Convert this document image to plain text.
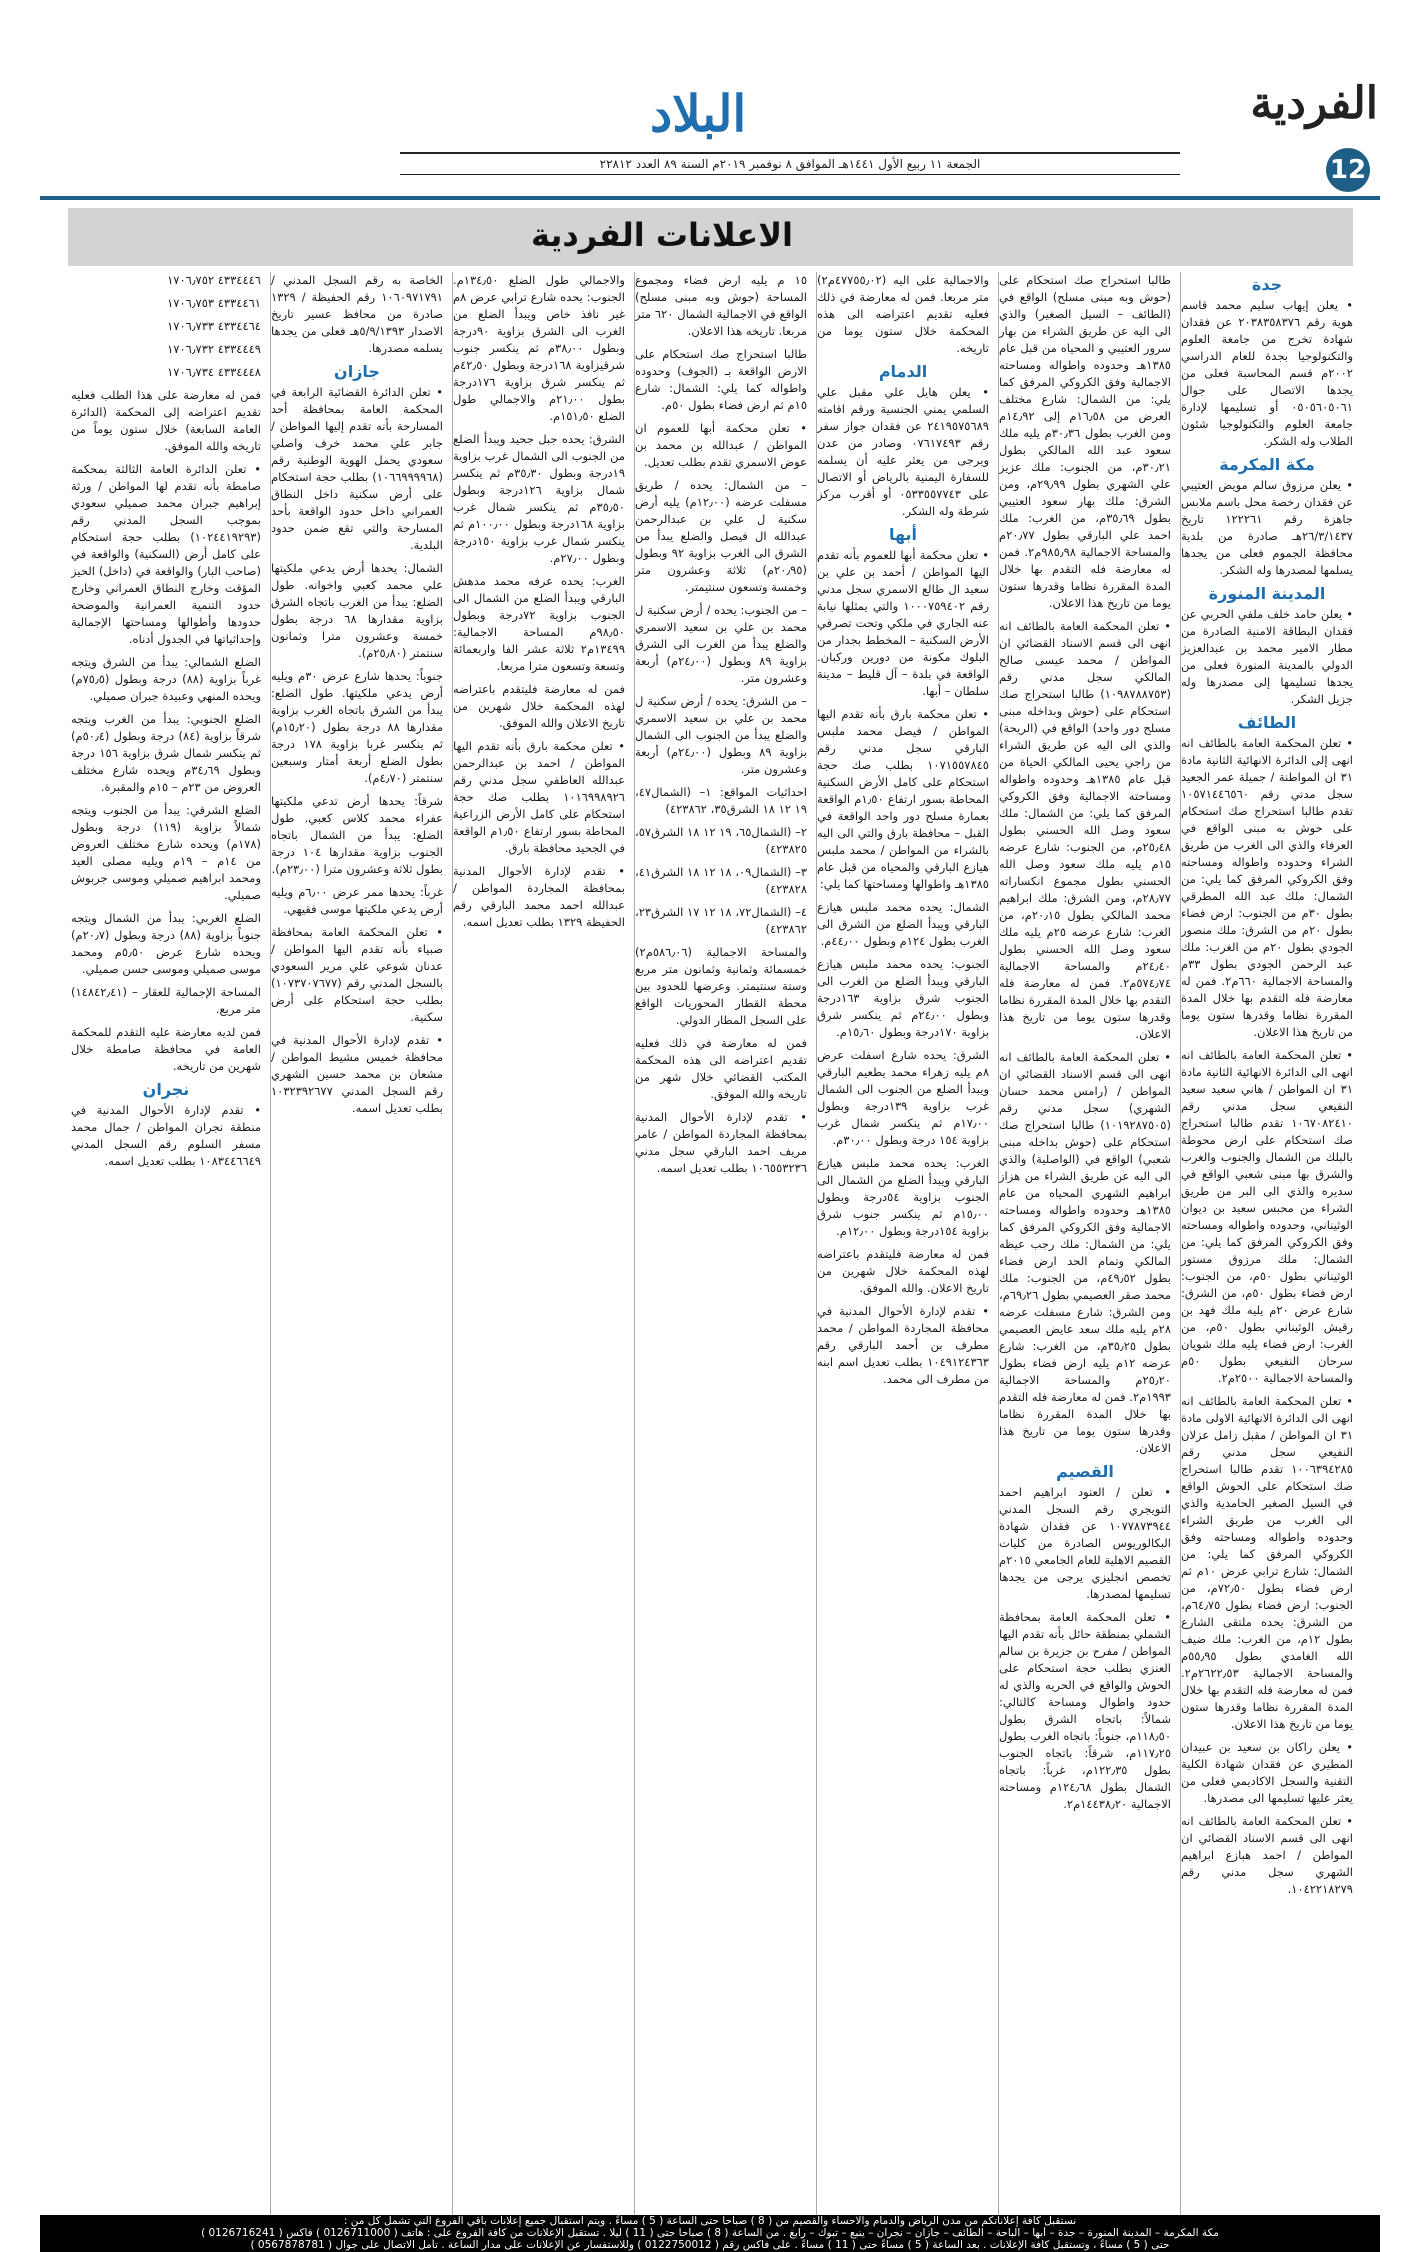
الفردية
12
البلاد
الجمعة ١١ ربيع الأول ١٤٤١هـ الموافق ٨ نوفمبر ٢٠١٩م السنة ٨٩ العدد ٢٢٨١٢
الاعلانات الفردية
جدة

• يعلن إيهاب سليم محمد قاسم هوية رقم ٢٠٣٨٣٥٨٣٧٦ عن فقدان شهادة تخرج من جامعة العلوم والتكنولوجيا بجدة للعام الدراسي ٢٠٠٢م قسم المحاسبة فعلى من يجدها الاتصال على جوال ٠٥٠٥٦٠٥٠٦١ أو تسليمها لإدارة جامعة العلوم والتكنولوجيا شئون الطلاب وله الشكر.

مكة المكرمة

• يعلن مرزوق سالم مويض العتيبي عن فقدان رخصة محل باسم ملابس جاهزة رقم ١٢٢٢٦١ تاريخ ٢٦/٣/١٤٣٧هـ صادرة من بلدية محافظة الجموم فعلى من يجدها يسلمها لمصدرها وله الشكر.

المدينة المنورة

• يعلن حامد خلف ملفي الحربي عن فقدان البطاقة الامنية الصادرة من مطار الامير محمد بن عبدالعزيز الدولي بالمدينة المنورة فعلى من يجدها تسليمها إلى مصدرها وله جزيل الشكر.

الطائف

• تعلن المحكمة العامة بالطائف انه انهى إلى الدائرة الانهائية الثانية مادة ٣١ ان المواطنة / جميلة عمر الجعيد سجل مدني رقم ١٠٥٧١٤٤٦٥٦٠ تقدم طالبا استحراج صك استحكام على حوش به مبنى الواقع في العرفاء والذي الى الغرب من طريق الشراء وحدوده واطواله ومساحته وفق الكروكي المرفق كما يلي: من الشمال: ملك عبد الله المطرقي بطول ٣٠م من الجنوب: ارض فضاء بطول ٢٠م من الشرق: ملك منصور الجودي بطول ٢٠م من الغرب: ملك عبد الرحمن الجودي بطول ٣٣م والمساحة الاجمالية ٦٦٠م٢. فمن له معارضة فله التقدم بها خلال المدة المقررة نظاما وقدرها ستون يوما من تاريخ هذا الاعلان.

• تعلن المحكمة العامة بالطائف انه انهى الى الدائرة الانهائية الثانية مادة ٣١ ان المواطن / هاني سعيد سعيد النفيعي سجل مدني رقم ١٠٦٧٠٨٢٤١٠ تقدم طالبا استحراج صك استحكام على ارض محوطة بالبلك من الشمال والجنوب والغرب والشرق بها مبنى شعبي الواقع في سديره والذي الى البر من طريق الشراء من محبس سعيد بن ديوان الوثيناني، وحدوده واطواله ومساحته وفق الكروكي المرفق كما يلي: من الشمال: ملك مرزوق مستور الوثيناني بطول ٥٠م، من الجنوب: ارض فضاء بطول ٥٠م، من الشرق: شارع عرض ٢٠م يليه ملك فهد بن رقيش الوثيناني بطول ٥٠م، من الغرب: ارض فضاء يليه ملك شويان سرحان النفيعي بطول ٥٠م والمساحة الاجمالية ٢٥٠٠م٢.

• تعلن المحكمة العامة بالطائف انه انهى الى الدائرة الانهائية الاولى مادة ٣١ ان المواطن / مقبل زامل عزلان النفيعي سجل مدني رقم ١٠٠٦٣٩٤٢٨٥ تقدم طالبا استحراج صك استحكام على الحوش الواقع في السيل الصغير الحامدية والذي الى الغرب من طريق الشراء وحدوده واطواله ومساحته وفق الكروكي المرفق كما يلي: من الشمال: شارع ترابي عرض ١٠م ثم ارض فضاء بطول ٧٢٫٥٠م، من الجنوب: ارض فضاء بطول ٦٤٫٧٥م، من الشرق: يحده ملتقى الشارع بطول ١٢م، من الغرب: ملك ضيف الله الغامدي بطول ٥٥٫٩٥م والمساحة الاجمالية ٢٦٢٢٫٥٣م٢. فمن له معارضة فله التقدم بها خلال المدة المقررة نظاما وقدرها ستون يوما من تاريخ هذا الاعلان.

• يعلن راكان بن سعيد بن عبيدان المطيري عن فقدان شهادة الكلية التقنية والسجل الاكاديمي فعلى من يعثر عليها تسليمها الى مصدرها.

• تعلن المحكمة العامة بالطائف انه انهى الى قسم الاسناد القضائي ان المواطن / احمد هبازع ابراهيم الشهري سجل مدني رقم ١٠٤٢٢١٨٢٧٩.

طالبا استحراج صك استحكام على (حوش وبه مبنى مسلح) الواقع في (الطائف – السيل الصغير) والذي الى اليه عن طريق الشراء من بهار سرور العتيبي و المحياه من قبل عام ١٣٨٥هـ وحدوده واطواله ومساحته الاجمالية وفق الكروكي المرفق كما يلي: من الشمال: شارع مختلف العرض من ١٦٫٥٨م إلى ١٤٫٩٢م ومن الغرب بطول ٣٠٫٣٦م يليه ملك سعود عبد الله المالكي بطول ٣٠٫٢١م، من الجنوب: ملك عزيز علي الشهري بطول ٢٩٫٩٩م، ومن الشرق: ملك بهار سعود العتيبي بطول ٣٥٫٦٩م، من الغرب: ملك احمد علي البارقي بطول ٢٠٫٧٧م والمساحة الاجمالية ٩٨٥٫٩٨م٢. فمن له معارضة فله التقدم بها خلال المدة المقررة نظاما وقدرها ستون يوما من تاريخ هذا الاعلان.

• تعلن المحكمة العامة بالطائف انه انهى الى قسم الاسناد القضائي ان المواطن / محمد عيسى صالح المالكي سجل مدني رقم (١٠٩٨٧٨٨٧٥٣) طالبا استحراج صك استحكام على (حوش وبداخله مبنى مسلح دور واحد) الواقع في (الريحة) والذي الى اليه عن طريق الشراء من راجي يحيى المالكي الحياة من قبل عام ١٣٨٥هـ وحدوده واطواله ومساحته الاجمالية وفق الكروكي المرفق كما يلي: من الشمال: ملك سعود وصل الله الحسني بطول ٢٥٫٤٨م، من الجنوب: شارع عرضه ١٥م يليه ملك سعود وصل الله الحسني بطول مجموع انكساراته ٢٨٫٧٧م، ومن الشرق: ملك ابراهيم محمد المالكي بطول ٢٠٫١٥م، من الغرب: شارع عرضه ٢٥م يليه ملك سعود وصل الله الحسني بطول ٢٤٫٤٠م والمساحة الاجمالية ٥٧٤٫٧٤م٢. فمن له معارضة فله التقدم بها خلال المدة المقررة نظاما وقدرها ستون يوما من تاريخ هذا الاعلان.

• تعلن المحكمة العامة بالطائف انه انهى الى قسم الاسناد القضائي ان المواطن / (رامس محمد حسان الشهري) سجل مدني رقم (١٠١٩٢٨٧٥٠٥) طالبا استحراج صك استحكام على (حوش بداخله مبنى شعبي) الواقع في (الواصلية) والذي الى اليه عن طريق الشراء من هزاز ابراهيم الشهري المحياه من عام ١٣٨٥هـ وحدوده واطواله ومساحته الاجمالية وفق الكروكي المرفق كما يلي: من الشمال: ملك رجب عيظه المالكي وتمام الحد ارض فضاء بطول ٤٩٫٥٢م، من الجنوب: ملك محمد صقر العصيمي بطول ٦٩٫٢٦م، ومن الشرق: شارع مسفلت عرضه ٢٨م يليه ملك سعد عايض العصيمي بطول ٣٥٫٢٥م، من الغرب: شارع عرضه ١٢م يليه ارض فضاء بطول ٢٥٫٢٠م والمساحة الاجمالية ١٩٩٣م٢. فمن له معارضة فله التقدم بها خلال المدة المقررة نظاما وقدرها ستون يوما من تاريخ هذا الاعلان.

القصيم

• تعلن / العنود ابراهيم احمد التويجري رقم السجل المدني ١٠٧٧٨٧٣٩٤٤ عن فقدان شهادة البكالوريوس الصادرة من كليات القصيم الاهلية للعام الجامعي ٢٠١٥م تخصص انجليزي يرجى من يجدها تسليمها لمصدرها.

• تعلن المحكمة العامة بمحافظة الشملي بمنطقة حائل بأنه تقدم اليها المواطن / مفرح بن جزيرة بن سالم العنزي بطلب حجة استحكام على الحوش والواقع في الحريه والذي له حدود واطوال ومساحة كالتالي: شمالاً: باتجاه الشرق بطول ١١٨٫٥٠م، جنوباً: باتجاه الغرب بطول ١١٧٫٢٥م، شرقاً: باتجاه الجنوب بطول ١٢٢٫٣٥م، غرباً: باتجاه الشمال بطول ١٢٤٫٦٨م ومساحته الاجمالية ١٤٤٣٨٫٢٠م٢.

والاجمالية على اليه (٤٧٧٥٥٫٠٢م٢) متر مربعا. فمن له معارضة في ذلك فعليه تقديم اعتراضه الى هذه المحكمة خلال ستون يوما من تاريخه.

الدمام

• يعلن هايل علي مقبل علي السلمي يمني الجنسية ورقم اقامته ٢٤١٩٥٧٥٦٨٩ عن فقدان جواز سفر رقم ٠٧٦١٧٤٩٣ وصادر من عدن ويرجى من يعثر عليه أن يسلمه للسفارة اليمنية بالرياض أو الاتصال على ٠٥٣٣٥٥٧٧٤٣ أو أقرب مركز شرطة وله الشكر.

أبها

• تعلن محكمة أبها للعموم بأنه تقدم اليها المواطن / أحمد بن علي بن سعيد ال طالع الاسمري سجل مدني رقم ١٠٠٠٧٥٩٤٠٢ والتي يمثلها نيابة عنه الجاري في ملكي وتحت تصرفي الأرض السكنية – المخطط بجدار من البلوك مكونة من دورين وركبان. الواقعة في بلدة – آل قليط – مدينة سلطان – أبها.

• تعلن محكمة بارق بأنه تقدم اليها المواطن / فيصل محمد ملبس البارقي سجل مدني رقم ١٠٧١٥٥٧٨٤٥ بطلب صك حجة استحكام على كامل الأرض السكنية المحاطة بسور ارتفاع ١٫٥٠م الواقعة بعمارة مسلح دور واحد الواقعة في القبل – محافظة بارق والتي الى اليه بالشراء من المواطن / محمد ملبس هيازع البارقي والمحياه من قبل عام ١٣٨٥هـ واطوالها ومساحتها كما يلي:

الشمال: يحده محمد ملبس هيازع البارقي ويبدأ الضلع من الشرق الى الغرب بطول ١٢٤م وبطول ٤٤٫٠٠م.

الجنوب: يحده محمد ملبس هيازع البارقي ويبدأ الضلع من الغرب الى الجنوب شرق بزاوية ١٦٣درجة وبطول ٢٤٫٠٠م ثم ينكسر شرق بزاوية ١٧٠درجة وبطول ١٥٫٦٠م.

الشرق: يحده شارع اسفلت عرض ٨م يليه زهراء محمد يطعيم البارقي ويبدأ الضلع من الجنوب الى الشمال غرب بزاوية ١٣٩درجة وبطول ١٧٫٠٠م ثم ينكسر شمال غرب بزاوية ١٥٤ درجة وبطول ٣٠٫٠٠م.

الغرب: يحده محمد ملبس هيازع البارقي ويبدأ الضلع من الشمال الى الجنوب بزاوية ٥٤درجة وبطول ١٥٫٠٠م ثم ينكسر جنوب شرق بزاوية ١٥٤درجة وبطول ١٢٫٠٠م.

فمن له معارضة فليتقدم باعتراضه لهذه المحكمة خلال شهرين من تاريخ الاعلان. والله الموفق.

• تقدم لإدارة الأحوال المدنية في محافظة المجاردة المواطن / محمد مطرف بن أحمد البارقي رقم ١٠٤٩١٢٤٣٦٣ بطلب تعديل اسم ابنه من مطرف الى محمد.

١٥ م يليه ارض فضاء ومجموع المساحة (حوش وبه مبنى مسلح) الواقع في الاجمالية الشمال ٦٢٠ متر مربعا. تاريخه هذا الاعلان.

طالبا استحراج صك استحكام على الارض الواقعة بـ (الجوف) وحدوده واطواله كما يلي: الشمال: شارع ١٥م ثم ارض فضاء بطول ٥٠م.

• تعلن محكمة أبها للعموم ان المواطن / عبدالله بن محمد بن عوض الاسمري تقدم بطلب تعديل.

– من الشمال: يحده / طريق مسفلت عرضه (١٢٫٠٠م) يليه أرض سكنية ل علي بن عبدالرحمن عبدالله ال فيصل والضلع يبدأ من الشرق الى الغرب بزاوية ٩٢ وبطول (٢٠٫٩٥م) ثلاثة وعشرون متر وخمسة وتسعون سنتيمتر.

– من الجنوب: يحده / أرض سكنية ل محمد بن علي بن سعيد الاسمري والضلع يبدأ من الغرب الى الشرق بزاوية ٨٩ وبطول (٢٤٫٠٠م) أربعة وعشرون متر.

– من الشرق: يحده / أرض سكنية ل محمد بن علي بن سعيد الاسمري والضلع يبدأ من الجنوب الى الشمال بزاوية ٨٩ وبطول (٢٤٫٠٠م) أربعة وعشرون متر.

احداثيات المواقع: ١– (الشمال٤٧، ١٩ ١٢ ١٨ الشرق٣٥، ٤٢٣٨٦٢)

٢– (الشمال٦٥، ١٩ ١٢ ١٨ الشرق٥٧، ٤٢٣٨٢٥)

٣– (الشمال٠٩، ١٨ ١٢ ١٨ الشرق٤١، ٤٢٣٨٢٨)

٤– (الشمال٧٢، ١٨ ١٢ ١٧ الشرق٢٣، ٤٢٣٨٦٢)

والمساحة الاجمالية (٥٨٦٫٠٦م٢) خمسمائة وثمانية وثمانون متر مربع وستة سنتيمتر. وعرضها للحدود بين محطة القطار المحوريات الواقع على السجل المطار الدولي.

فمن له معارضة في ذلك فعليه تقديم اعتراضه الى هذه المحكمة المكتب القضائي خلال شهر من تاريخه والله الموفق.

• تقدم لإدارة الأحوال المدنية بمحافظة المجاردة المواطن / عامر مريف احمد البارقي سجل مدني ١٠٦٥٥٣٢٣٦ بطلب تعديل اسمه.

والاجمالي طول الضلع ١٣٤٫٥٠م. الجنوب: يحده شارع ترابي عرض ٨م غير نافذ خاص ويبدأ الضلع من الغرب الى الشرق بزاوية ٩٠درجة وبطول ٣٨٫٠٠م ثم ينكسر جنوب شرقيزاوية ١٦٨درجة وبطول ٤٢٫٥٠م ثم ينكسر شرق بزاوية ١٧٦درجة بطول ٢١٫٠٠م والاجمالي طول الضلع ١٥١٫٥٠م.

الشرق: يحده جبل جحيد ويبدأ الضلع من الجنوب الى الشمال غرب بزاوية ١٩درجة وبطول ٣٥٫٣٠م ثم ينكسر شمال بزاوية ١٢٦درجة وبطول ٣٥٫٥٠م ثم ينكسر شمال غرب بزاوية ١٦٨درجة وبطول ١٠٠٫٠٠م ثم ينكسر شمال غرب بزاوية ١٥٠درجة وبطول ٢٧٫٠٠م.

الغرب: يحده عرفه محمد مدهش البارقي ويبدأ الضلع من الشمال الى الجنوب بزاوية ٧٢درجة وبطول ٩٨٫٥٠م المساحة الاجمالية: ١٣٤٩٩م٢ ثلاثة عشر الفا واربعمائة وتسعة وتسعون مترا مربعا.

فمن له معارضة فليتقدم باعتراضه لهذه المحكمة خلال شهرين من تاريخ الاعلان والله الموفق.

• تعلن محكمة بارق بأنه تقدم اليها المواطن / احمد بن عبدالرحمن عبدالله العاطفي سجل مدني رقم ١٠١٦٩٩٨٩٢٦ بطلب صك حجة استحكام على كامل الأرض الزراعية المحاطة بسور ارتفاع ١٫٥٠م الواقعة في الجحيد محافظة بارق.

• تقدم لإدارة الأحوال المدنية بمحافظة المجاردة المواطن / عبدالله احمد محمد البارقي رقم الحفيظة ١٣٢٩ بطلب تعديل اسمه.

الخاصة به رقم السجل المدني / ١٠٦٠٩٧١٧٩١ رقم الحفيظة / ١٣٢٩ صادرة من محافظ عسير تاريخ الاصدار ٥/٩/١٣٩٣هـ فعلى من يجدها يسلمه مصدرها.

جازان

• تعلن الدائرة القضائية الرابعة في المحكمة العامة بمحافظة أحد المسارحة بأنه تقدم إليها المواطن / جابر علي محمد خرف واصلي سعودي يحمل الهوية الوطنية رقم (١٠٦٦٩٩٩٩٦٨) بطلب حجة استحكام على أرض سكنية داخل النطاق العمراني داخل حدود الواقعة بأحد المسارحة والتي تقع ضمن حدود البلدية.

الشمال: يحدها أرض يدعي ملكيتها علي محمد كعبي واخوانه. طول الضلع: يبدأ من الغرب باتجاه الشرق بزاوية مقدارها ٦٨ درجة بطول خمسة وعشرون مترا وثمانون سنتمتر (٢٥٫٨٠م).

جنوباً: يحدها شارع عرض ٣٠م ويليه أرض يدعي ملكيتها. طول الضلع: يبدأ من الشرق باتجاه الغرب بزاوية مقدارها ٨٨ درجة بطول (١٥٫٢٠م) ثم ينكسر غربا بزاوية ١٧٨ درجة بطول الضلع أربعة أمتار وسبعين سنتمتر (٤٫٧٠م).

شرقاً: يحدها أرض تدعي ملكيتها عفراء محمد كلاس كعبي. طول الضلع: يبدأ من الشمال باتجاه الجنوب بزاوية مقدارها ١٠٤ درجة بطول ثلاثة وعشرون مترا (٢٣٫٠٠م).

غرباً: يحدها ممر عرض ٦٫٠٠م ويليه أرض يدعي ملكيتها موسى فقيهي.

• تعلن المحكمة العامة بمحافظة صبياء بأنه تقدم اليها المواطن / عدنان شوعي علي مرير السعودي بالسجل المدني رقم (١٠٧٣٧٠٧٦٧٧) بطلب حجة استحكام على أرض سكنية.

• تقدم لإدارة الأحوال المدنية في محافظة خميس مشيط المواطن / مشعان بن محمد حسين الشهري رقم السجل المدني ١٠٣٢٣٩٢٦٧٧ بطلب تعديل اسمه.

٤٣٣٤٤٤٦ ١٧٠٦٫٧٥٢

٤٣٣٤٤٦١ ١٧٠٦٫٧٥٣

٤٣٣٤٤٦٤ ١٧٠٦٫٧٣٣

٤٣٣٤٤٤٩ ١٧٠٦٫٧٣٢

٤٣٣٤٤٤٨ ١٧٠٦٫٧٣٤

فمن له معارضة على هذا الطلب فعليه تقديم اعتراضه إلى المحكمة (الدائرة العامة السابعة) خلال ستون يوماً من تاريخه والله الموفق.

• تعلن الدائرة العامة الثالثة بمحكمة صامطة بأنه تقدم لها المواطن / ورثة إبراهيم جبران محمد صميلي سعودي بموجب السجل المدني رقم (١٠٢٤٤١٩٢٩٣) بطلب حجة استحكام على كامل أرض (السكنية) والواقعة في (صاحب البار) والواقعة في (داخل) الحيز المؤقت وخارج النطاق العمراني وخارج حدود التنمية العمرانية والموضحة حدودها وأطوالها ومساحتها الإجمالية وإحداثياتها في الجدول أدناه.

الضلع الشمالي: يبدأ من الشرق ويتجه غرباً بزاوية (٨٨) درجة وبطول (٧٥٫٥م) ويحده المنهي وعبيدة جبران صميلي.

الضلع الجنوبي: يبدأ من الغرب ويتجه شرقاً بزاوية (٨٤) درجة وبطول (٥٠٫٤م) ثم ينكسر شمال شرق بزاوية ١٥٦ درجة وبطول ٣٤٫٦٩م ويحده شارع مختلف العروض من ٢٣م – ١٥م والمقبرة.

الضلع الشرقي: يبدأ من الجنوب ويتجه شمالاً بزاوية (١١٩) درجة وبطول (١٧٨م) ويحده شارع مختلف العروض من ١٤م – ١٩م ويليه مصلى العيد ومحمد ابراهيم صميلي وموسى جربوش صميلي.

الضلع الغربي: يبدأ من الشمال ويتجه جنوباً بزاوية (٨٨) درجة وبطول (٢٠٫٧م) ويحده شارع عرض ٥٫٥٠م ومحمد موسى صميلي وموسى حسن صميلي.

المساحة الإجمالية للعقار – (١٤٨٤٢٫٤١) متر مربع.

فمن لديه معارضة عليه التقدم للمحكمة العامة في محافظة صامطة خلال شهرين من تاريخه.

نجران

• تقدم لإدارة الأحوال المدنية في منطقة نجران المواطن / جمال محمد مسفر السلوم رقم السجل المدني ١٠٨٣٤٤٦٦٤٩ بطلب تعديل اسمه.

نستقبل كافة إعلاناتكم من مدن الرياض والدمام والاحساء والقصيم من ( 8 ) صباحا حتى الساعة ( 5 ) مساءً . ويتم استقبال جميع إعلانات باقي الفروع التي تشمل كل من :
مكة المكرمة – المدينة المنورة – جدة – أبها – الباحة – الطائف – جازان – نجران – ينبع – تبوك – رابغ . من الساعة ( 8 ) صباحا حتى ( 11 ) ليلا . تستقبل الإعلانات من كافة الفروع على : هاتف ( 0126711000 ) فاكس ( 0126716241 )
حتى ( 5 ) مساءً ، وتستقبل كافة الإعلانات . بعد الساعة ( 5 ) مساءً حتى ( 11 ) مساءً . على فاكس رقم ( 0122750012 ) وللاستفسار عن الإعلانات على مدار الساعة . تأمل الاتصال على جوال ( 0567878781 )
